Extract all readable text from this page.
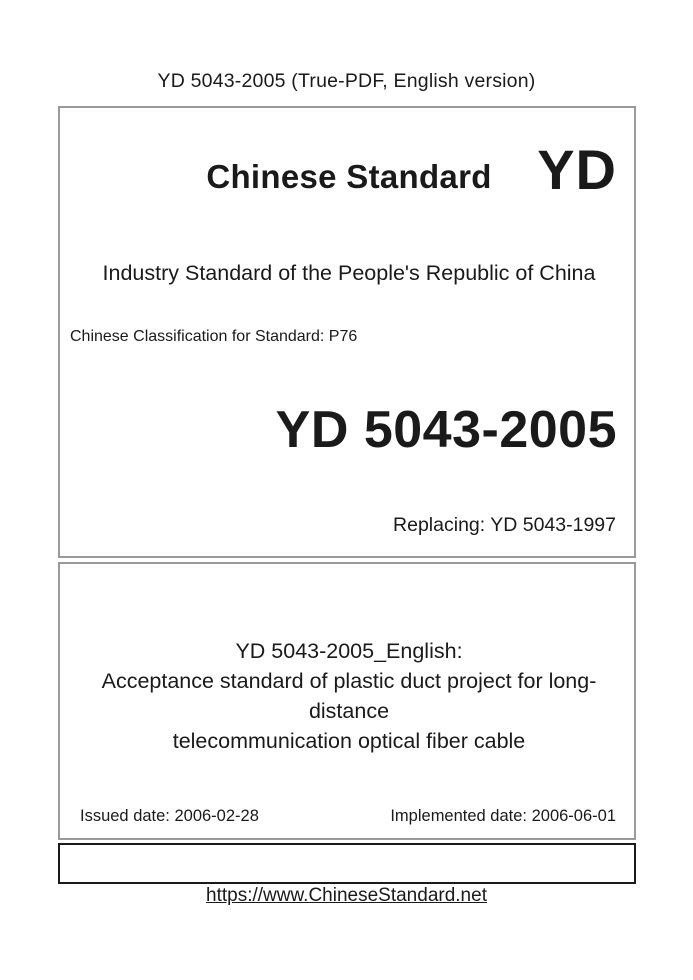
YD 5043-2005 (True-PDF, English version)
Chinese Standard YD
Industry Standard of the People's Republic of China
Chinese Classification for Standard: P76
YD 5043-2005
Replacing: YD 5043-1997
YD 5043-2005_English:
Acceptance standard of plastic duct project for long-distance
telecommunication optical fiber cable
Issued date: 2006-02-28	Implemented date: 2006-06-01
https://www.ChineseStandard.net
